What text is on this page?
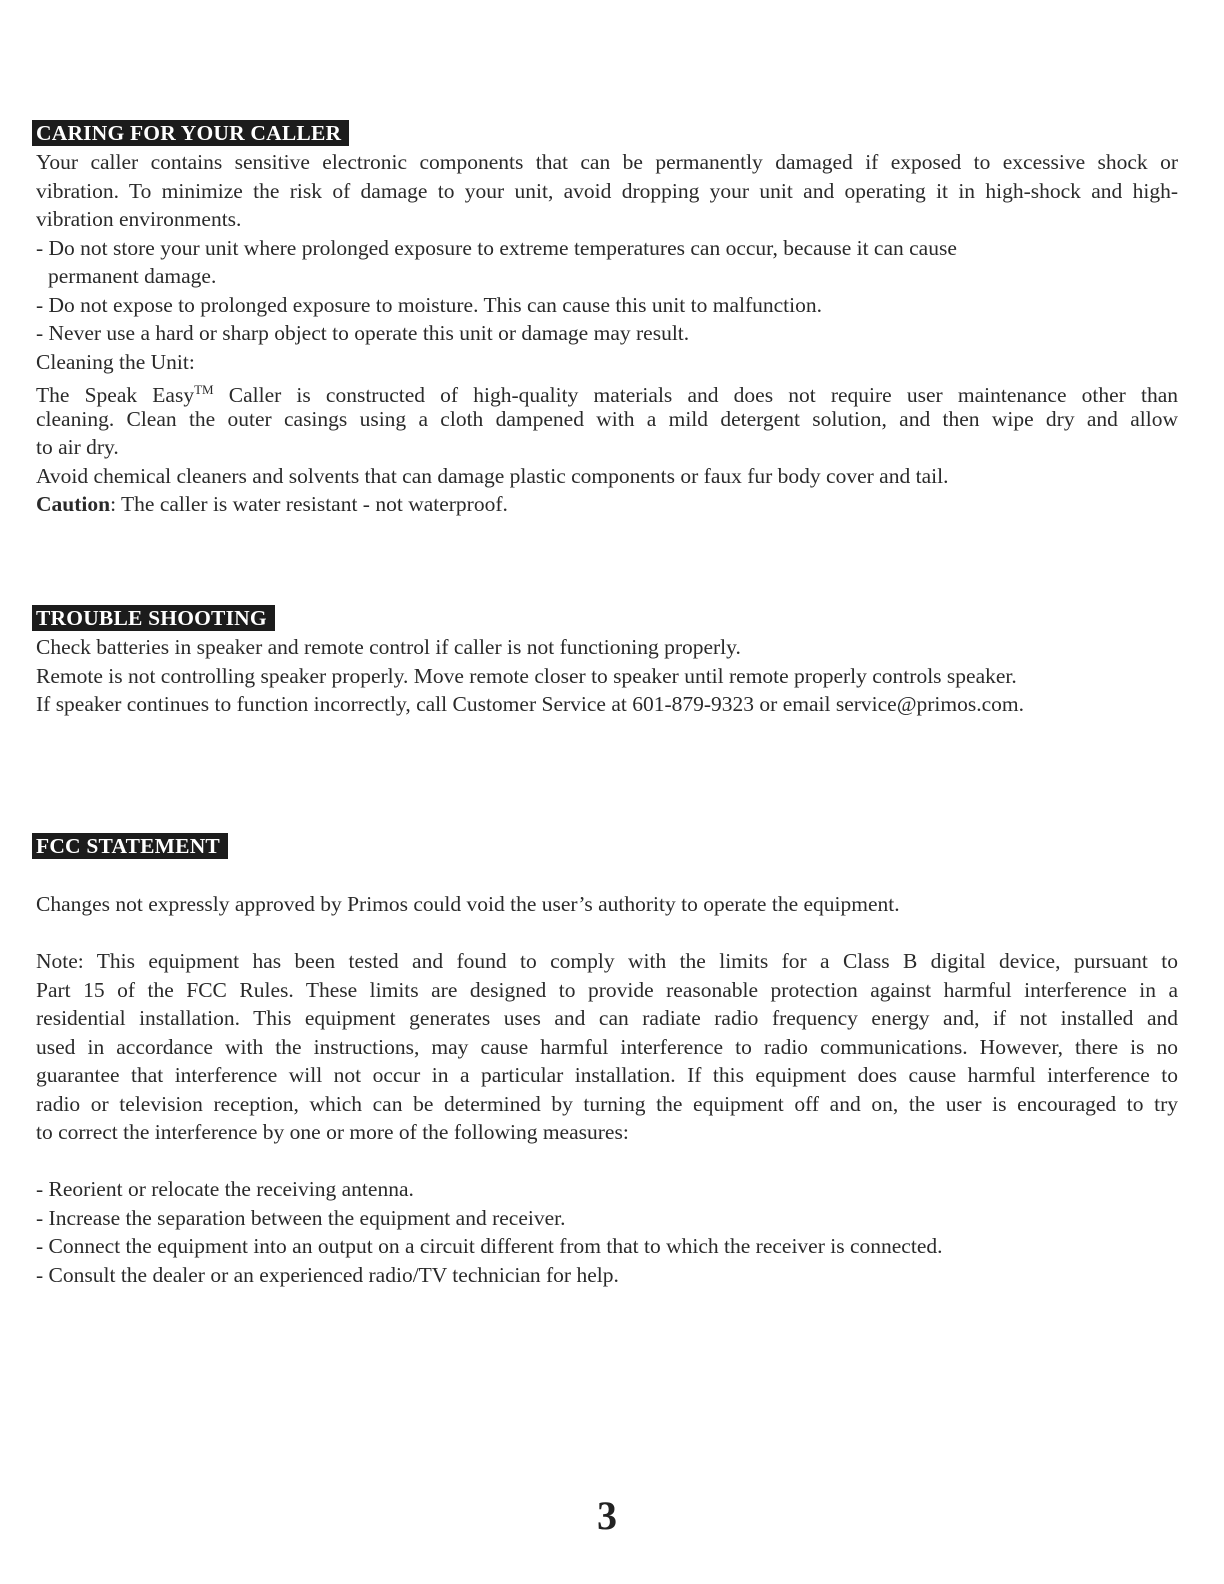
CARING FOR YOUR CALLER
Your caller contains sensitive electronic components that can be permanently damaged if exposed to excessive shock or
vibration. To minimize the risk of damage to your unit, avoid dropping your unit and operating it in high-shock and high-
vibration environments.
- Do not store your unit where prolonged exposure to extreme temperatures can occur, because it can cause
permanent damage.
- Do not expose to prolonged exposure to moisture. This can cause this unit to malfunction.
- Never use a hard or sharp object to operate this unit or damage may result.
Cleaning the Unit:
The Speak Easy™ Caller is constructed of high-quality materials and does not require user maintenance other than
cleaning. Clean the outer casings using a cloth dampened with a mild detergent solution, and then wipe dry and allow
to air dry.
Avoid chemical cleaners and solvents that can damage plastic components or faux fur body cover and tail.
Caution: The caller is water resistant - not waterproof.
TROUBLE SHOOTING
Check batteries in speaker and remote control if caller is not functioning properly.
Remote is not controlling speaker properly. Move remote closer to speaker until remote properly controls speaker.
If speaker continues to function incorrectly, call Customer Service at 601-879-9323 or email service@primos.com.
FCC STATEMENT
Changes not expressly approved by Primos could void the user’s authority to operate the equipment.
Note: This equipment has been tested and found to comply with the limits for a Class B digital device, pursuant to
Part 15 of the FCC Rules. These limits are designed to provide reasonable protection against harmful interference in a
residential installation. This equipment generates uses and can radiate radio frequency energy and, if not installed and
used in accordance with the instructions, may cause harmful interference to radio communications. However, there is no
guarantee that interference will not occur in a particular installation. If this equipment does cause harmful interference to
radio or television reception, which can be determined by turning the equipment off and on, the user is encouraged to try
to correct the interference by one or more of the following measures:
- Reorient or relocate the receiving antenna.
- Increase the separation between the equipment and receiver.
- Connect the equipment into an output on a circuit different from that to which the receiver is connected.
- Consult the dealer or an experienced radio/TV technician for help.
3
